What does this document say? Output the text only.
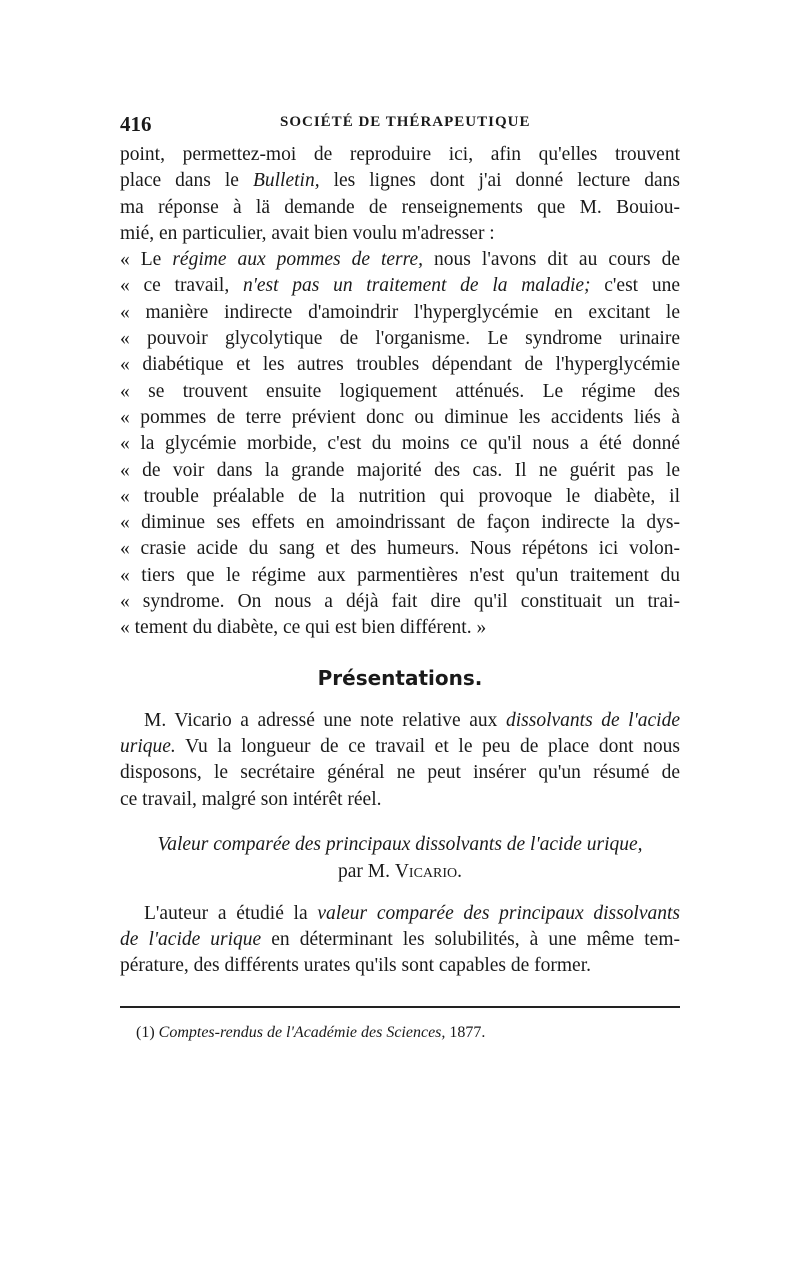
416	SOCIÉTÉ DE THÉRAPEUTIQUE
point, permettez-moi de reproduire ici, afin qu'elles trouvent
place dans le Bulletin, les lignes dont j'ai donné lecture dans
ma réponse à lä demande de renseignements que M. Bouiou-
mié, en particulier, avait bien voulu m'adresser :
« Le régime aux pommes de terre, nous l'avons dit au cours de
« ce travail, n'est pas un traitement de la maladie; c'est une
« manière indirecte d'amoindrir l'hyperglycémie en excitant le
« pouvoir glycolytique de l'organisme. Le syndrome urinaire
« diabétique et les autres troubles dépendant de l'hyperglycémie
« se trouvent ensuite logiquement atténués. Le régime des
« pommes de terre prévient donc ou diminue les accidents liés à
« la glycémie morbide, c'est du moins ce qu'il nous a été donné
« de voir dans la grande majorité des cas. Il ne guérit pas le
« trouble préalable de la nutrition qui provoque le diabète, il
« diminue ses effets en amoindrissant de façon indirecte la dys-
« crasie acide du sang et des humeurs. Nous répétons ici volon-
« tiers que le régime aux parmentières n'est qu'un traitement du
« syndrome. On nous a déjà fait dire qu'il constituait un trai-
« tement du diabète, ce qui est bien différent. »
Présentations.
M. Vicario a adressé une note relative aux dissolvants de l'acide
urique. Vu la longueur de ce travail et le peu de place dont nous
disposons, le secrétaire général ne peut insérer qu'un résumé de
ce travail, malgré son intérêt réel.
Valeur comparée des principaux dissolvants de l'acide urique,
par M. Vicario.
L'auteur a étudié la valeur comparée des principaux dissolvants
de l'acide urique en déterminant les solubilités, à une même tem-
pérature, des différents urates qu'ils sont capables de former.
(1) Comptes-rendus de l'Académie des Sciences, 1877.
